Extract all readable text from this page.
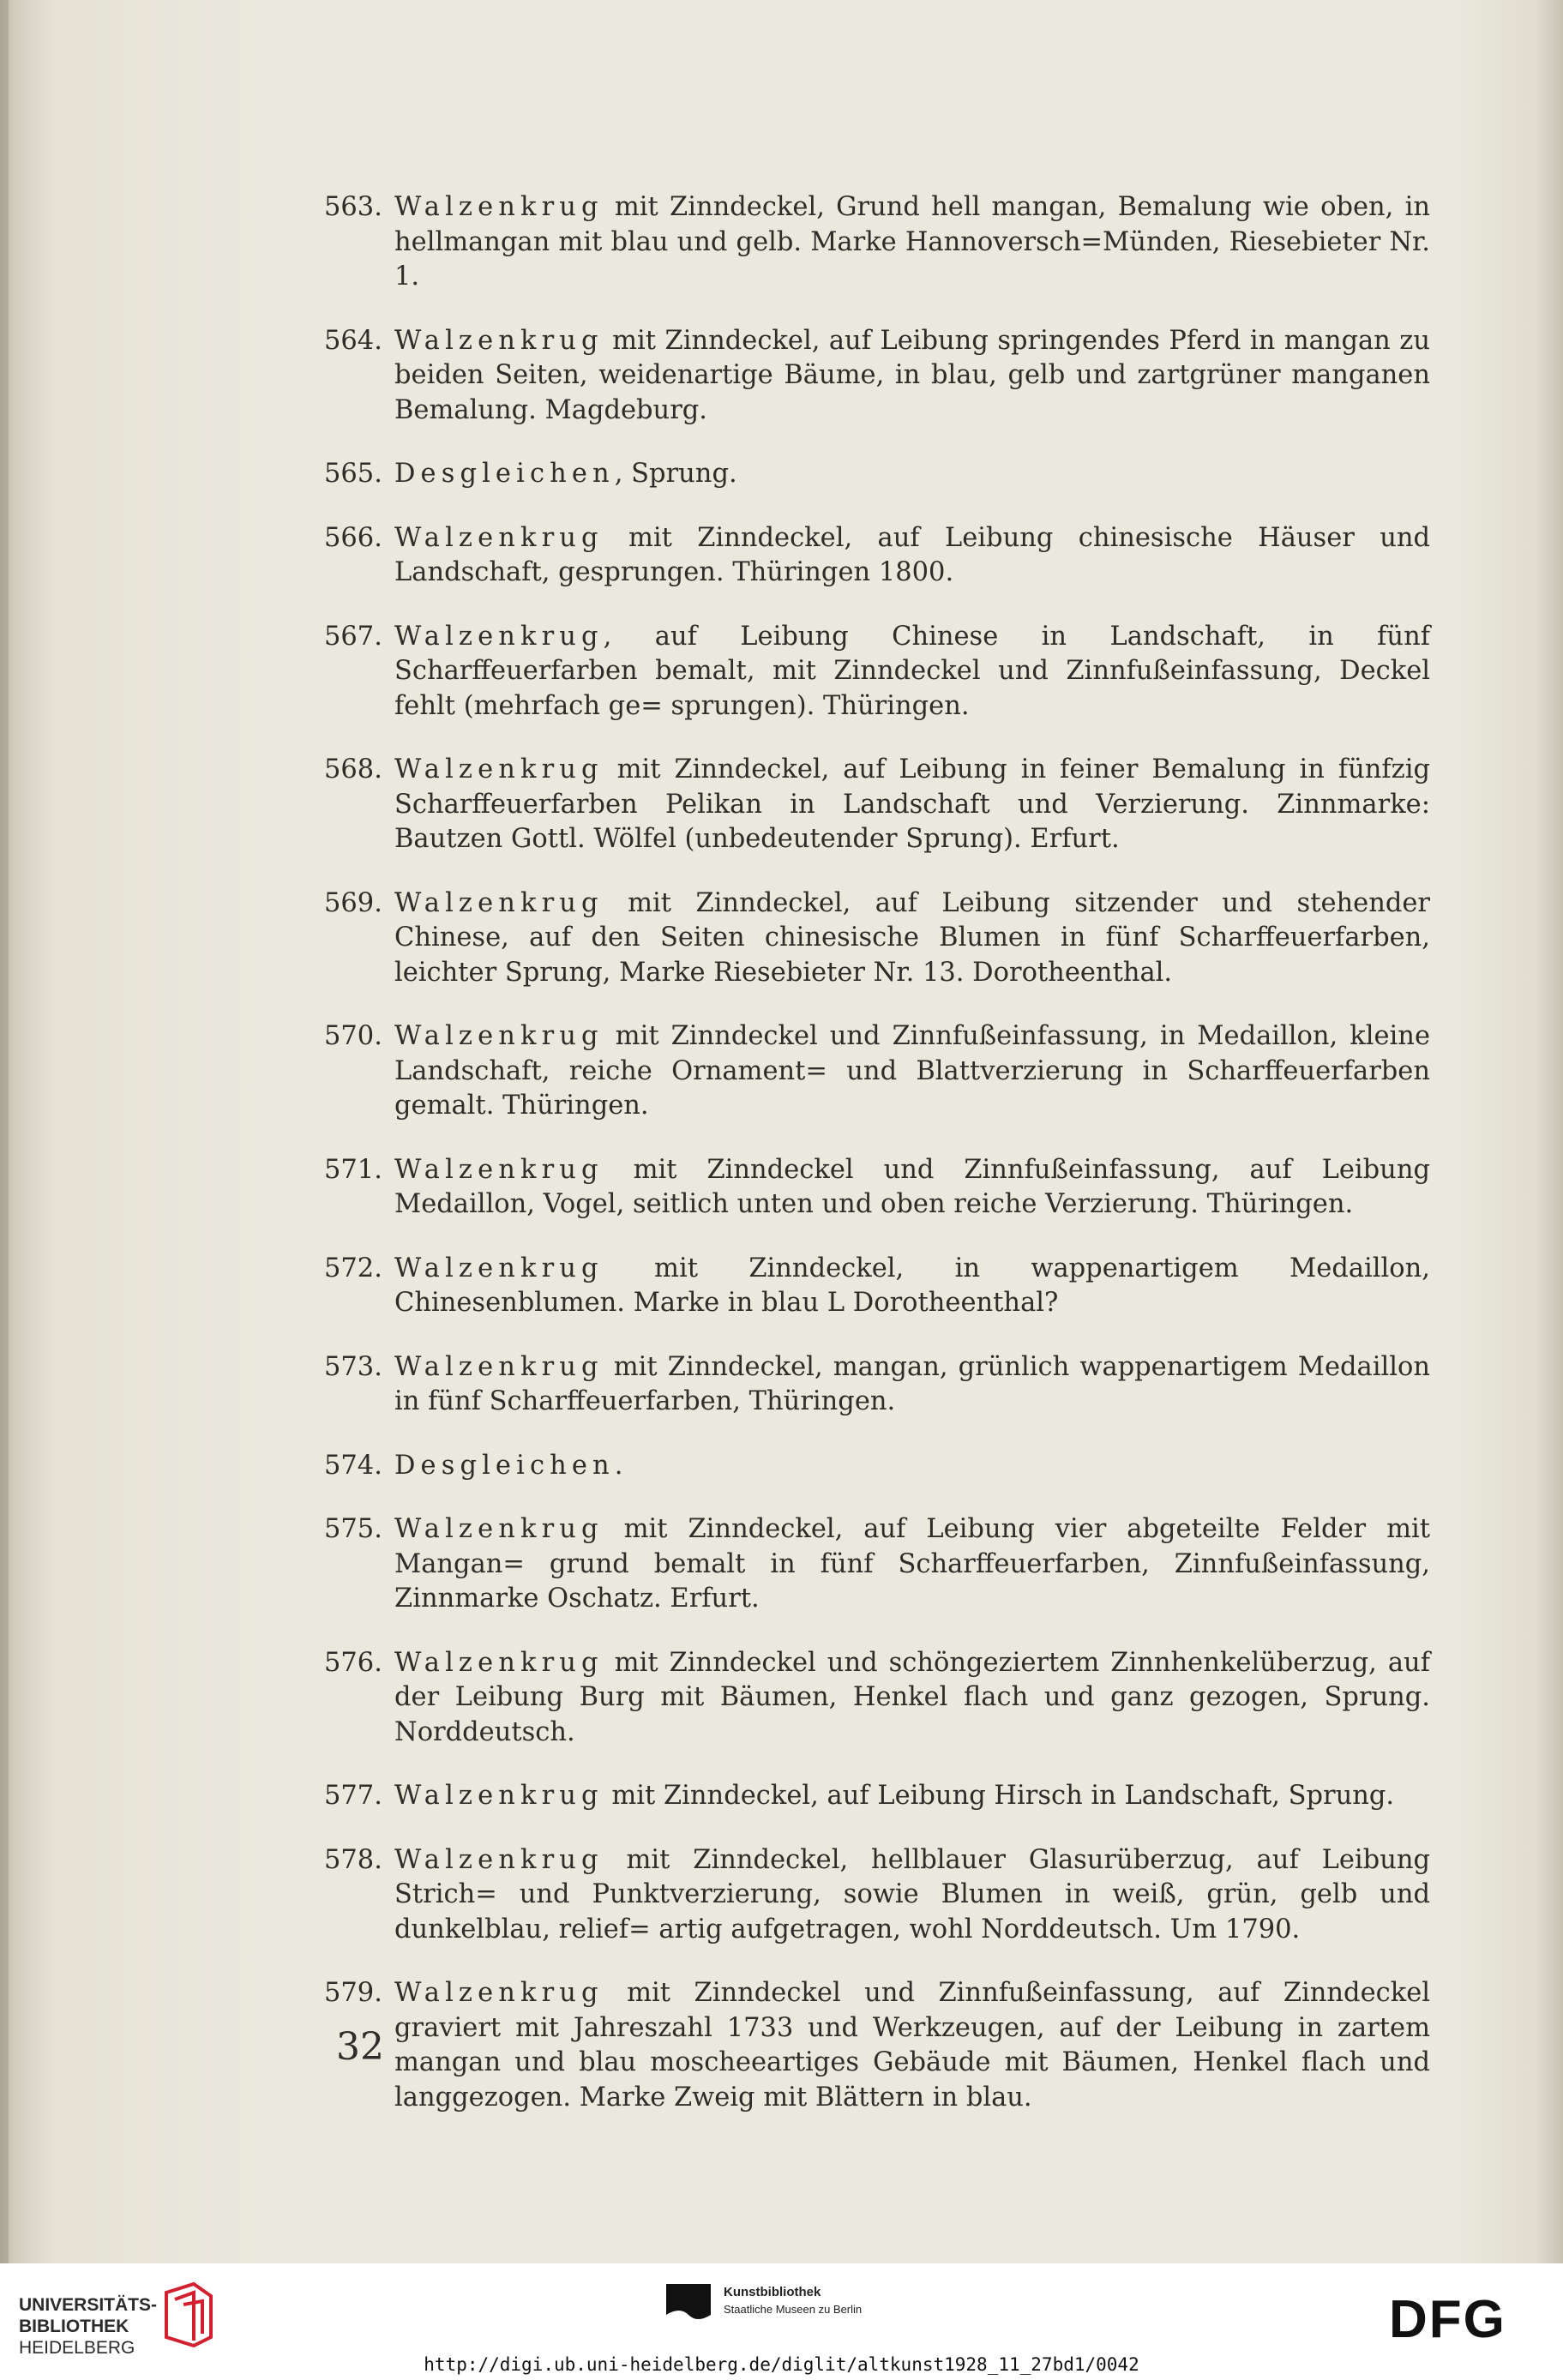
563. Walzenkrug mit Zinndeckel, Grund hell mangan, Bemalung wie oben, in hellmangan mit blau und gelb. Marke Hannoversch=Münden, Riesebieter Nr. 1.
564. Walzenkrug mit Zinndeckel, auf Leibung springendes Pferd in mangan zu beiden Seiten, weidenartige Bäume, in blau, gelb und zartgrüner manganen Bemalung. Magdeburg.
565. Desgleichen, Sprung.
566. Walzenkrug mit Zinndeckel, auf Leibung chinesische Häuser und Landschaft, gesprungen. Thüringen 1800.
567. Walzenkrug, auf Leibung Chinese in Landschaft, in fünf Scharffeuerfarben bemalt, mit Zinndeckel und Zinnfußeinfassung, Deckel fehlt (mehrfach ge= sprungen). Thüringen.
568. Walzenkrug mit Zinndeckel, auf Leibung in feiner Bemalung in fünfzig Scharffeuerfarben Pelikan in Landschaft und Verzierung. Zinnmarke: Bautzen Gottl. Wölfel (unbedeutender Sprung). Erfurt.
569. Walzenkrug mit Zinndeckel, auf Leibung sitzender und stehender Chinese, auf den Seiten chinesische Blumen in fünf Scharffeuerfarben, leichter Sprung, Marke Riesebieter Nr. 13. Dorotheenthal.
570. Walzenkrug mit Zinndeckel und Zinnfußeinfassung, in Medaillon, kleine Landschaft, reiche Ornament= und Blattverzierung in Scharffeuerfarben gemalt. Thüringen.
571. Walzenkrug mit Zinndeckel und Zinnfußeinfassung, auf Leibung Medaillon, Vogel, seitlich unten und oben reiche Verzierung. Thüringen.
572. Walzenkrug mit Zinndeckel, in wappenartigem Medaillon, Chinesenblumen. Marke in blau L Dorotheenthal?
573. Walzenkrug mit Zinndeckel, mangan, grünlich wappenartigem Medaillon in fünf Scharffeuerfarben, Thüringen.
574. Desgleichen.
575. Walzenkrug mit Zinndeckel, auf Leibung vier abgeteilte Felder mit Mangan= grund bemalt in fünf Scharffeuerfarben, Zinnfußeinfassung, Zinnmarke Oschatz. Erfurt.
576. Walzenkrug mit Zinndeckel und schöngeziertem Zinnhenkelüberzug, auf der Leibung Burg mit Bäumen, Henkel flach und ganz gezogen, Sprung. Norddeutsch.
577. Walzenkrug mit Zinndeckel, auf Leibung Hirsch in Landschaft, Sprung.
578. Walzenkrug mit Zinndeckel, hellblauer Glasurüberzug, auf Leibung Strich= und Punktverzierung, sowie Blumen in weiß, grün, gelb und dunkelblau, relief= artig aufgetragen, wohl Norddeutsch. Um 1790.
579. Walzenkrug mit Zinndeckel und Zinnfußeinfassung, auf Zinndeckel graviert mit Jahreszahl 1733 und Werkzeugen, auf der Leibung in zartem mangan und blau moscheeartiges Gebäude mit Bäumen, Henkel flach und langgezogen. Marke Zweig mit Blättern in blau.
32
UNIVERSITÄTS-
BIBLIOTHEK
HEIDELBERG
Kunstbibliothek
Staatliche Museen zu Berlin	DFG
http://digi.ub.uni-heidelberg.de/diglit/altkunst1928_11_27bd1/0042
